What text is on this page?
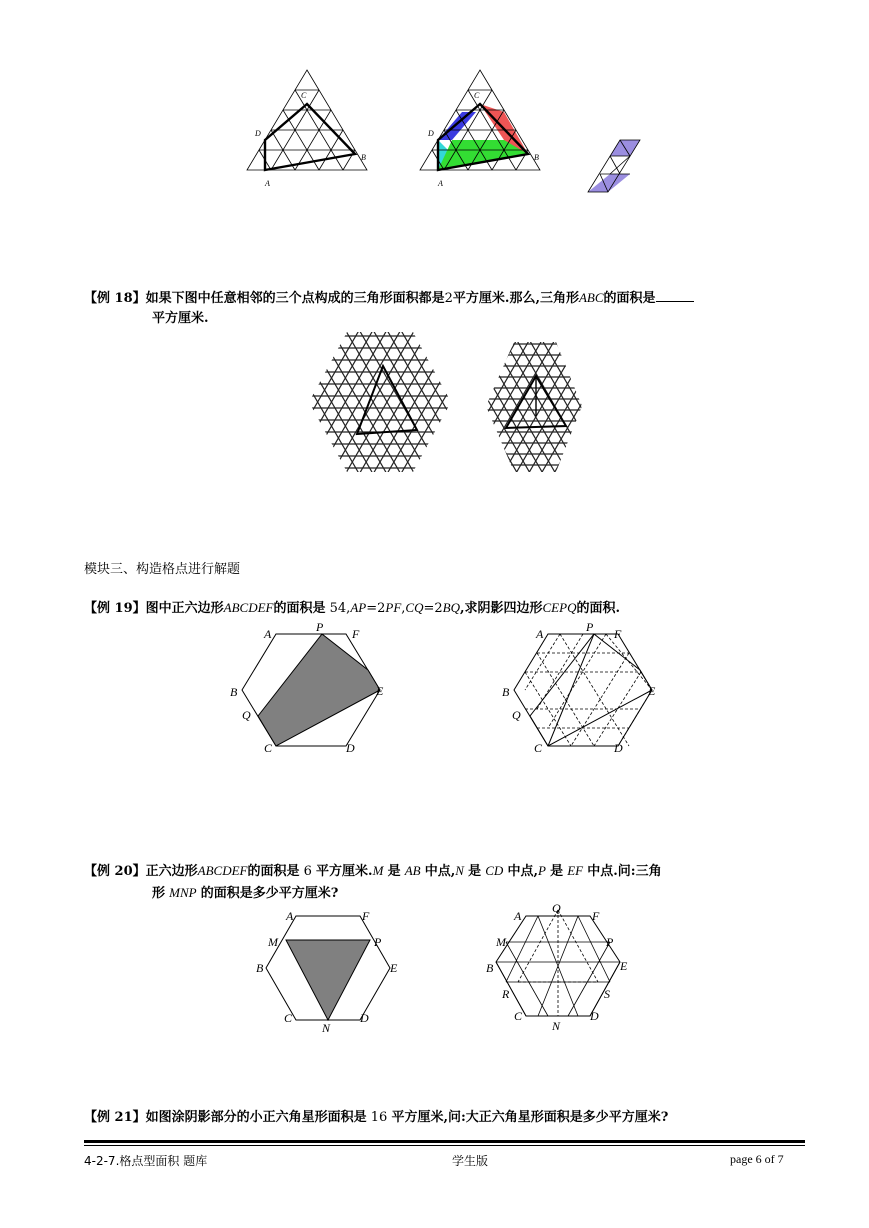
C
D
B
A
C
D
B
A
【例 18】如果下图中任意相邻的三个点构成的三角形面积都是2平方厘米.那么,三角形ABC的面积是
平方厘米.
模块三、构造格点进行解题
【例 19】图中正六边形ABCDEF的面积是 54,AP=2PF,CQ=2BQ,求阴影四边形CEPQ的面积.
A	P F
B	E
Q
C	D
A	P F
B	E
Q
C	D
【例 20】正六边形ABCDEF的面积是 6 平方厘米.M 是 AB 中点,N 是 CD 中点,P 是 EF 中点.问:三角
形 MNP 的面积是多少平方厘米?
A	F
M	P
B	E
C	D
N
A
Q
F
M	P
B	E
R	S
C	D
N
【例 21】如图涂阴影部分的小正六角星形面积是 16 平方厘米,问:大正六角星形面积是多少平方厘米?
4-2-7.格点型面积 题库	学生版	page 6 of 7
